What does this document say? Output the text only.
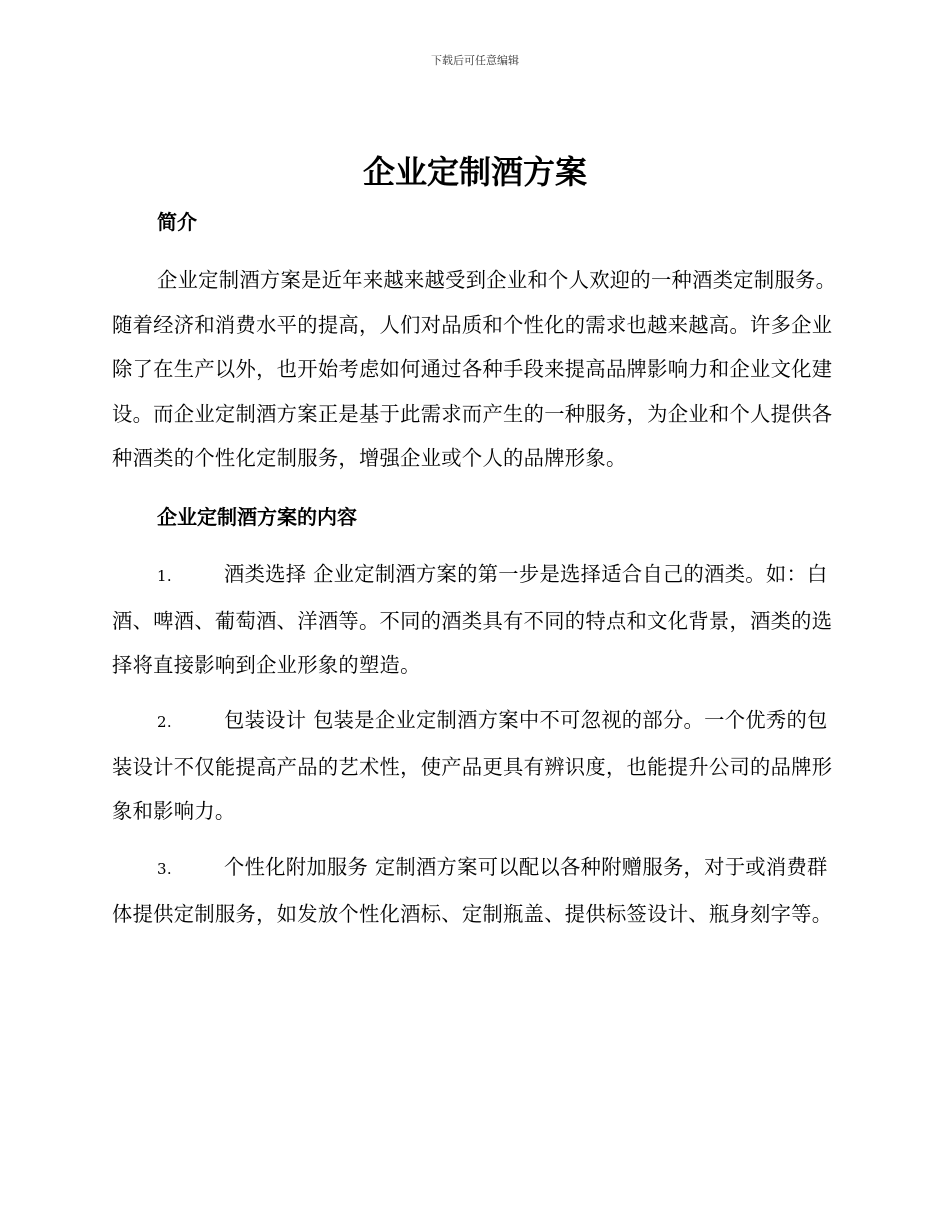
下载后可任意编辑
企业定制酒方案
简介

企业定制酒方案是近年来越来越受到企业和个人欢迎的一种酒类定制服务。随着经济和消费水平的提高，人们对品质和个性化的需求也越来越高。许多企业除了在生产以外，也开始考虑如何通过各种手段来提高品牌影响力和企业文化建设。而企业定制酒方案正是基于此需求而产生的一种服务，为企业和个人提供各种酒类的个性化定制服务，增强企业或个人的品牌形象。

企业定制酒方案的内容

1.	酒类选择 企业定制酒方案的第一步是选择适合自己的酒类。如：白酒、啤酒、葡萄酒、洋酒等。不同的酒类具有不同的特点和文化背景，酒类的选择将直接影响到企业形象的塑造。

2.	包装设计 包装是企业定制酒方案中不可忽视的部分。一个优秀的包装设计不仅能提高产品的艺术性，使产品更具有辨识度，也能提升公司的品牌形象和影响力。

3.	个性化附加服务 定制酒方案可以配以各种附赠服务，对于或消费群体提供定制服务，如发放个性化酒标、定制瓶盖、提供标签设计、瓶身刻字等。
